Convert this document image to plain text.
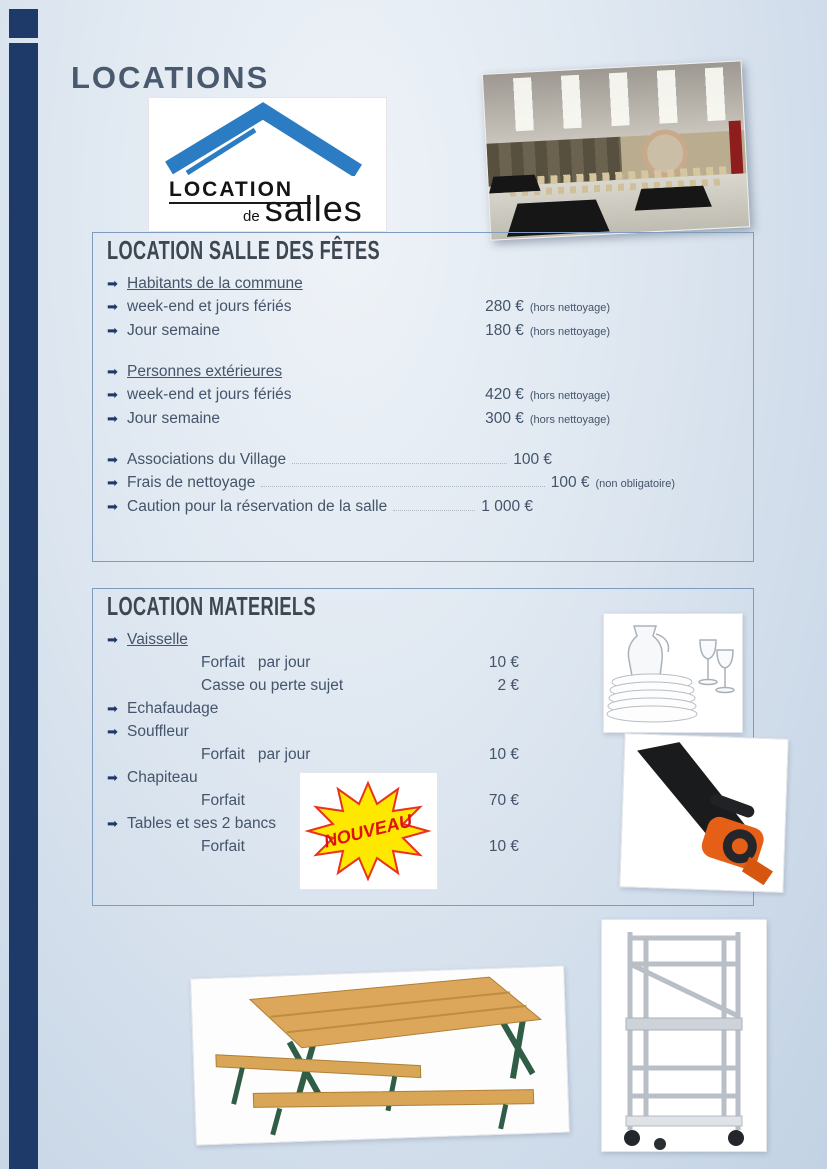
LOCATIONS
LOCATION
de salles
LOCATION SALLE DES FÊTES
➡ Habitants de la commune
➡ week-end et jours fériés	280 € (hors nettoyage)
➡ Jour semaine	180 € (hors nettoyage)
➡ Personnes extérieures
➡ week-end et jours fériés	420 € (hors nettoyage)
➡ Jour semaine	300 € (hors nettoyage)
➡ Associations du Village	100 €
➡ Frais de nettoyage	100 € (non obligatoire)
➡ Caution pour la réservation de la salle	1 000 €
LOCATION MATERIELS
➡ Vaisselle
Forfait   par jour	10 €
Casse ou perte sujet	2 €
➡ Echafaudage
➡ Souffleur
Forfait   par jour	10 €
➡ Chapiteau
Forfait	70 €
➡ Tables et ses 2 bancs
Forfait	10 €
NOUVEAU
